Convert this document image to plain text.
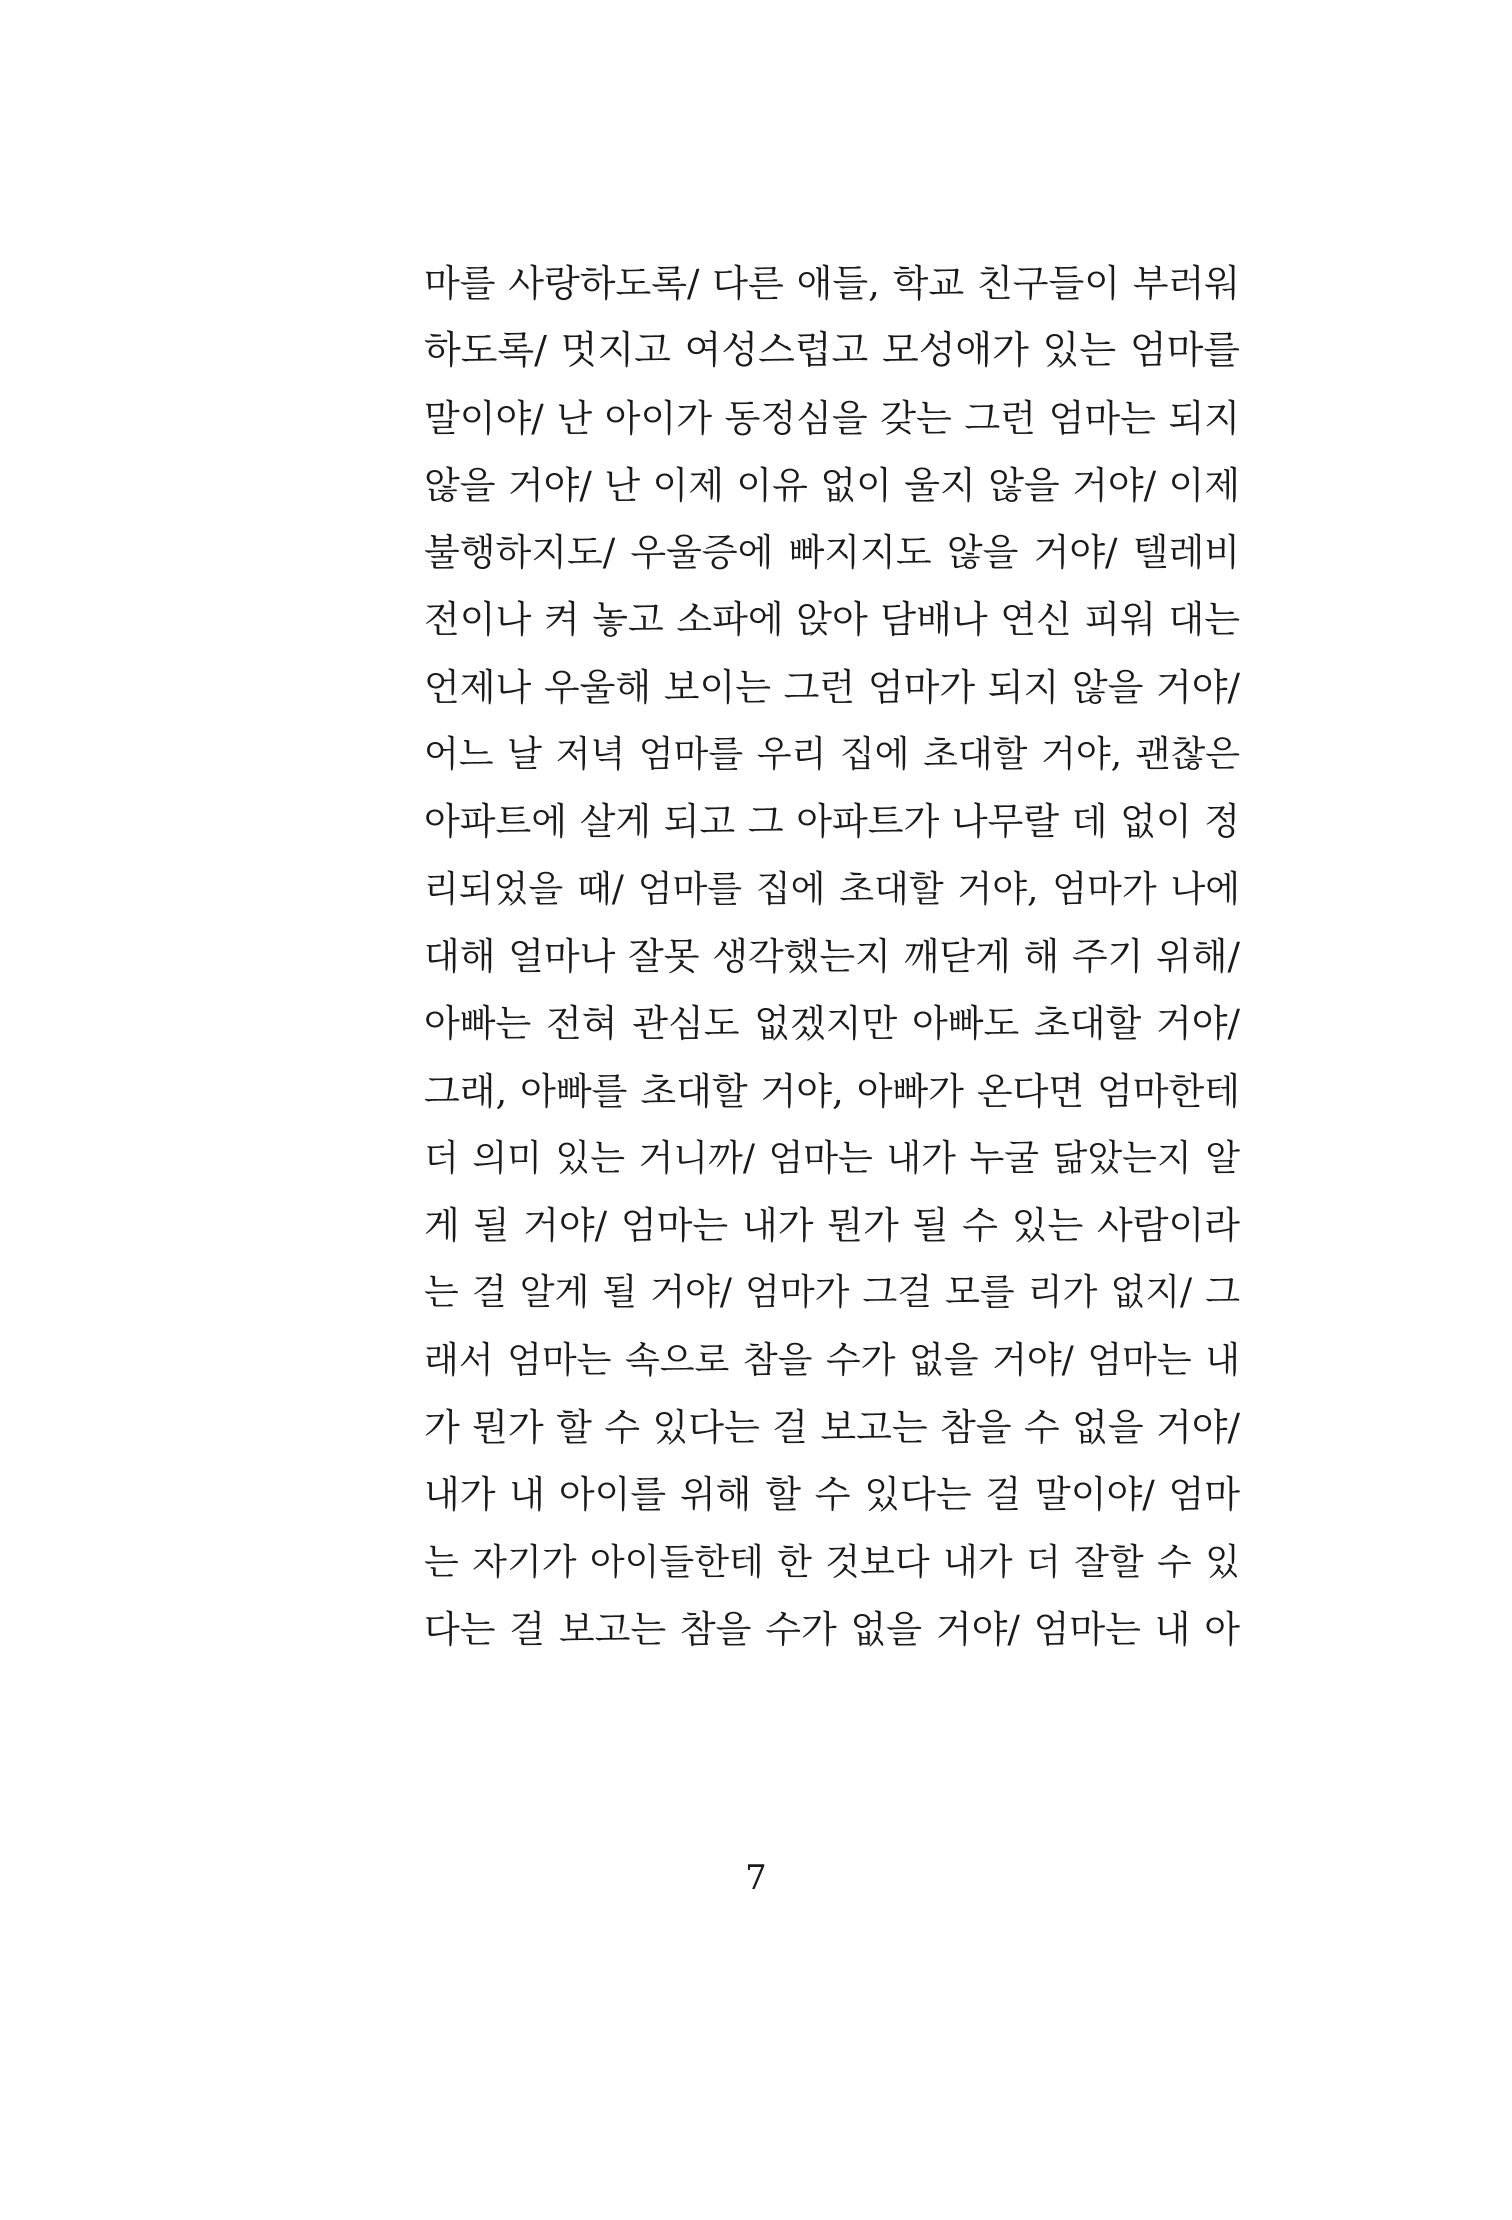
마를 사랑하도록/ 다른 애들, 학교 친구들이 부러워
하도록/ 멋지고 여성스럽고 모성애가 있는 엄마를
말이야/ 난 아이가 동정심을 갖는 그런 엄마는 되지
않을 거야/ 난 이제 이유 없이 울지 않을 거야/ 이제
불행하지도/ 우울증에 빠지지도 않을 거야/ 텔레비
전이나 켜 놓고 소파에 앉아 담배나 연신 피워 대는
언제나 우울해 보이는 그런 엄마가 되지 않을 거야/
어느 날 저녁 엄마를 우리 집에 초대할 거야, 괜찮은
아파트에 살게 되고 그 아파트가 나무랄 데 없이 정
리되었을 때/ 엄마를 집에 초대할 거야, 엄마가 나에
대해 얼마나 잘못 생각했는지 깨닫게 해 주기 위해/
아빠는 전혀 관심도 없겠지만 아빠도 초대할 거야/
그래, 아빠를 초대할 거야, 아빠가 온다면 엄마한테
더 의미 있는 거니까/ 엄마는 내가 누굴 닮았는지 알
게 될 거야/ 엄마는 내가 뭔가 될 수 있는 사람이라
는 걸 알게 될 거야/ 엄마가 그걸 모를 리가 없지/ 그
래서 엄마는 속으로 참을 수가 없을 거야/ 엄마는 내
가 뭔가 할 수 있다는 걸 보고는 참을 수 없을 거야/
내가 내 아이를 위해 할 수 있다는 걸 말이야/ 엄마
는 자기가 아이들한테 한 것보다 내가 더 잘할 수 있
다는 걸 보고는 참을 수가 없을 거야/ 엄마는 내 아
7
